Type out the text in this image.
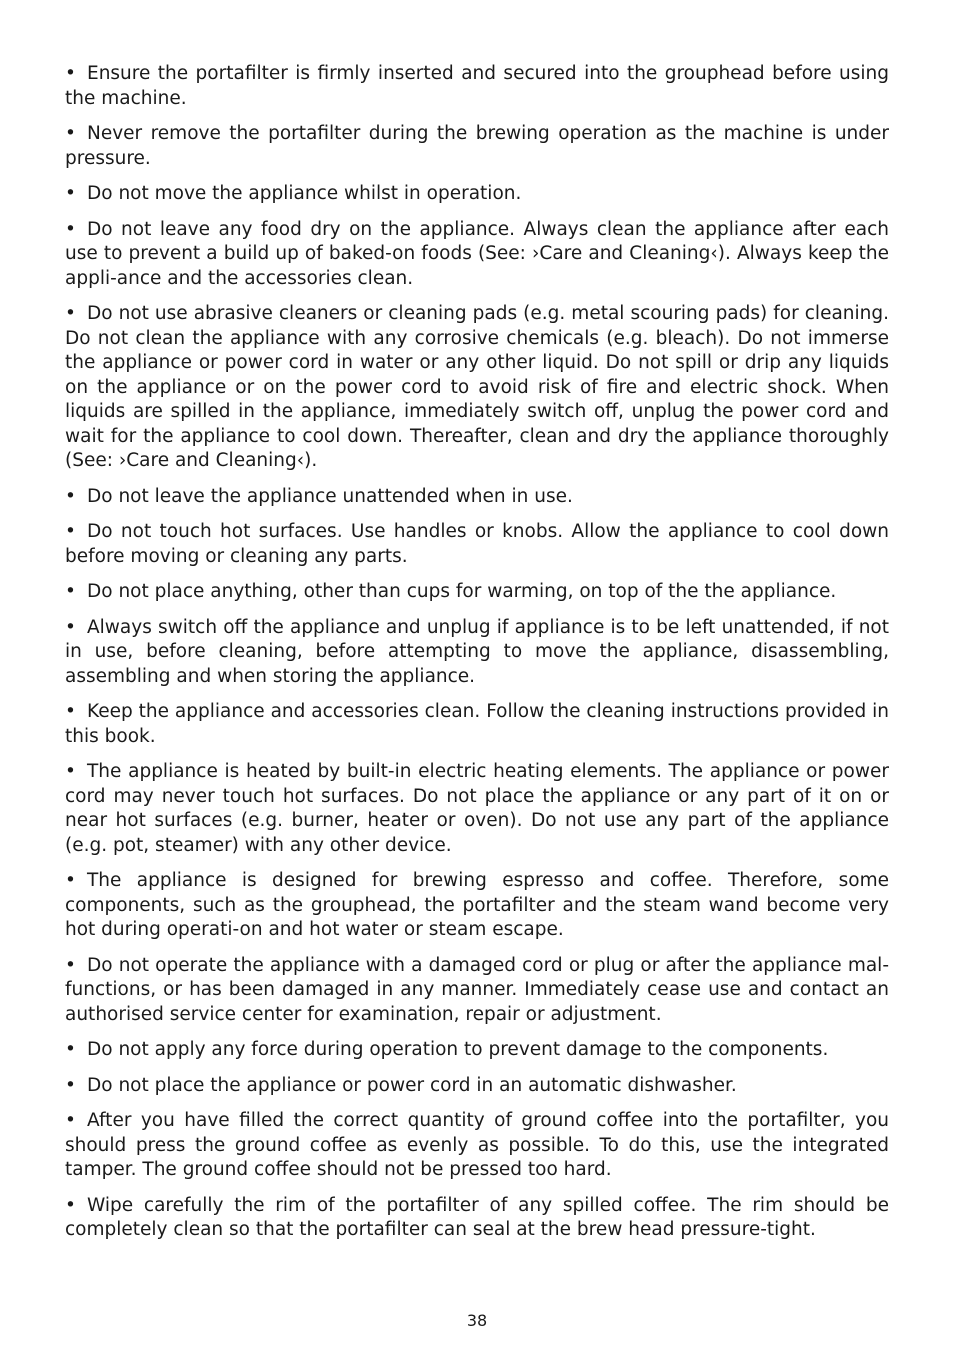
• Ensure the portafilter is firmly inserted and secured into the grouphead before using the machine.

• Never remove the portafilter during the brewing operation as the machine is under pressure.

• Do not move the appliance whilst in operation.

• Do not leave any food dry on the appliance. Always clean the appliance after each use to prevent a build up of baked-on foods (See: ›Care and Cleaning‹). Always keep the appli-ance and the accessories clean.

• Do not use abrasive cleaners or cleaning pads (e.g. metal scouring pads) for cleaning. Do not clean the appliance with any corrosive chemicals (e.g. bleach). Do not immerse the appliance or power cord in water or any other liquid. Do not spill or drip any liquids on the appliance or on the power cord to avoid risk of fire and electric shock. When liquids are spilled in the appliance, immediately switch off, unplug the power cord and wait for the appliance to cool down. Thereafter, clean and dry the appliance thoroughly (See: ›Care and Cleaning‹).

• Do not leave the appliance unattended when in use.

• Do not touch hot surfaces. Use handles or knobs. Allow the appliance to cool down before moving or cleaning any parts.

• Do not place anything, other than cups for warming, on top of the the appliance.

• Always switch off the appliance and unplug if appliance is to be left unattended, if not in use, before cleaning, before attempting to move the appliance, disassembling, assembling and when storing the appliance.

• Keep the appliance and accessories clean. Follow the cleaning instructions provided in this book.

• The appliance is heated by built-in electric heating elements. The appliance or power cord may never touch hot surfaces. Do not place the appliance or any part of it on or near hot surfaces (e.g. burner, heater or oven). Do not use any part of the appliance (e.g. pot, steamer) with any other device.

• The appliance is designed for brewing espresso and coffee. Therefore, some components, such as the grouphead, the portafilter and the steam wand become very hot during operati-on and hot water or steam escape.

• Do not operate the appliance with a damaged cord or plug or after the appliance mal-functions, or has been damaged in any manner. Immediately cease use and contact an authorised service center for examination, repair or adjustment.

• Do not apply any force during operation to prevent damage to the components.

• Do not place the appliance or power cord in an automatic dishwasher.

• After you have filled the correct quantity of ground coffee into the portafilter, you should press the ground coffee as evenly as possible. To do this, use the integrated tamper. The ground coffee should not be pressed too hard.

• Wipe carefully the rim of the portafilter of any spilled coffee. The rim should be completely clean so that the portafilter can seal at the brew head pressure-tight.

38
